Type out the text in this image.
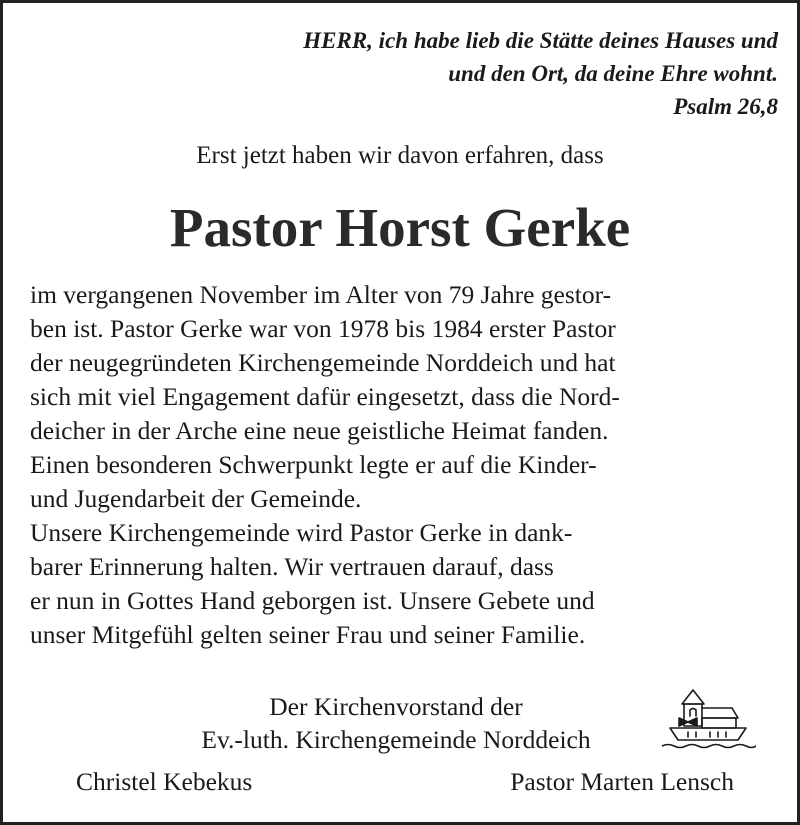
HERR, ich habe lieb die Stätte deines Hauses und
und den Ort, da deine Ehre wohnt.
Psalm 26,8
Erst jetzt haben wir davon erfahren, dass
Pastor Horst Gerke
im vergangenen November im Alter von 79 Jahre gestor-
ben ist. Pastor Gerke war von 1978 bis 1984 erster Pastor
der neugegründeten Kirchengemeinde Norddeich und hat
sich mit viel Engagement dafür eingesetzt, dass die Nord-
deicher in der Arche eine neue geistliche Heimat fanden.
Einen besonderen Schwerpunkt legte er auf die Kinder-
und Jugendarbeit der Gemeinde.
Unsere Kirchengemeinde wird Pastor Gerke in dank-
barer Erinnerung halten. Wir vertrauen darauf, dass
er nun in Gottes Hand geborgen ist. Unsere Gebete und
unser Mitgefühl gelten seiner Frau und seiner Familie.
Der Kirchenvorstand der
Ev.-luth. Kirchengemeinde Norddeich
Christel Kebekus	Pastor Marten Lensch
